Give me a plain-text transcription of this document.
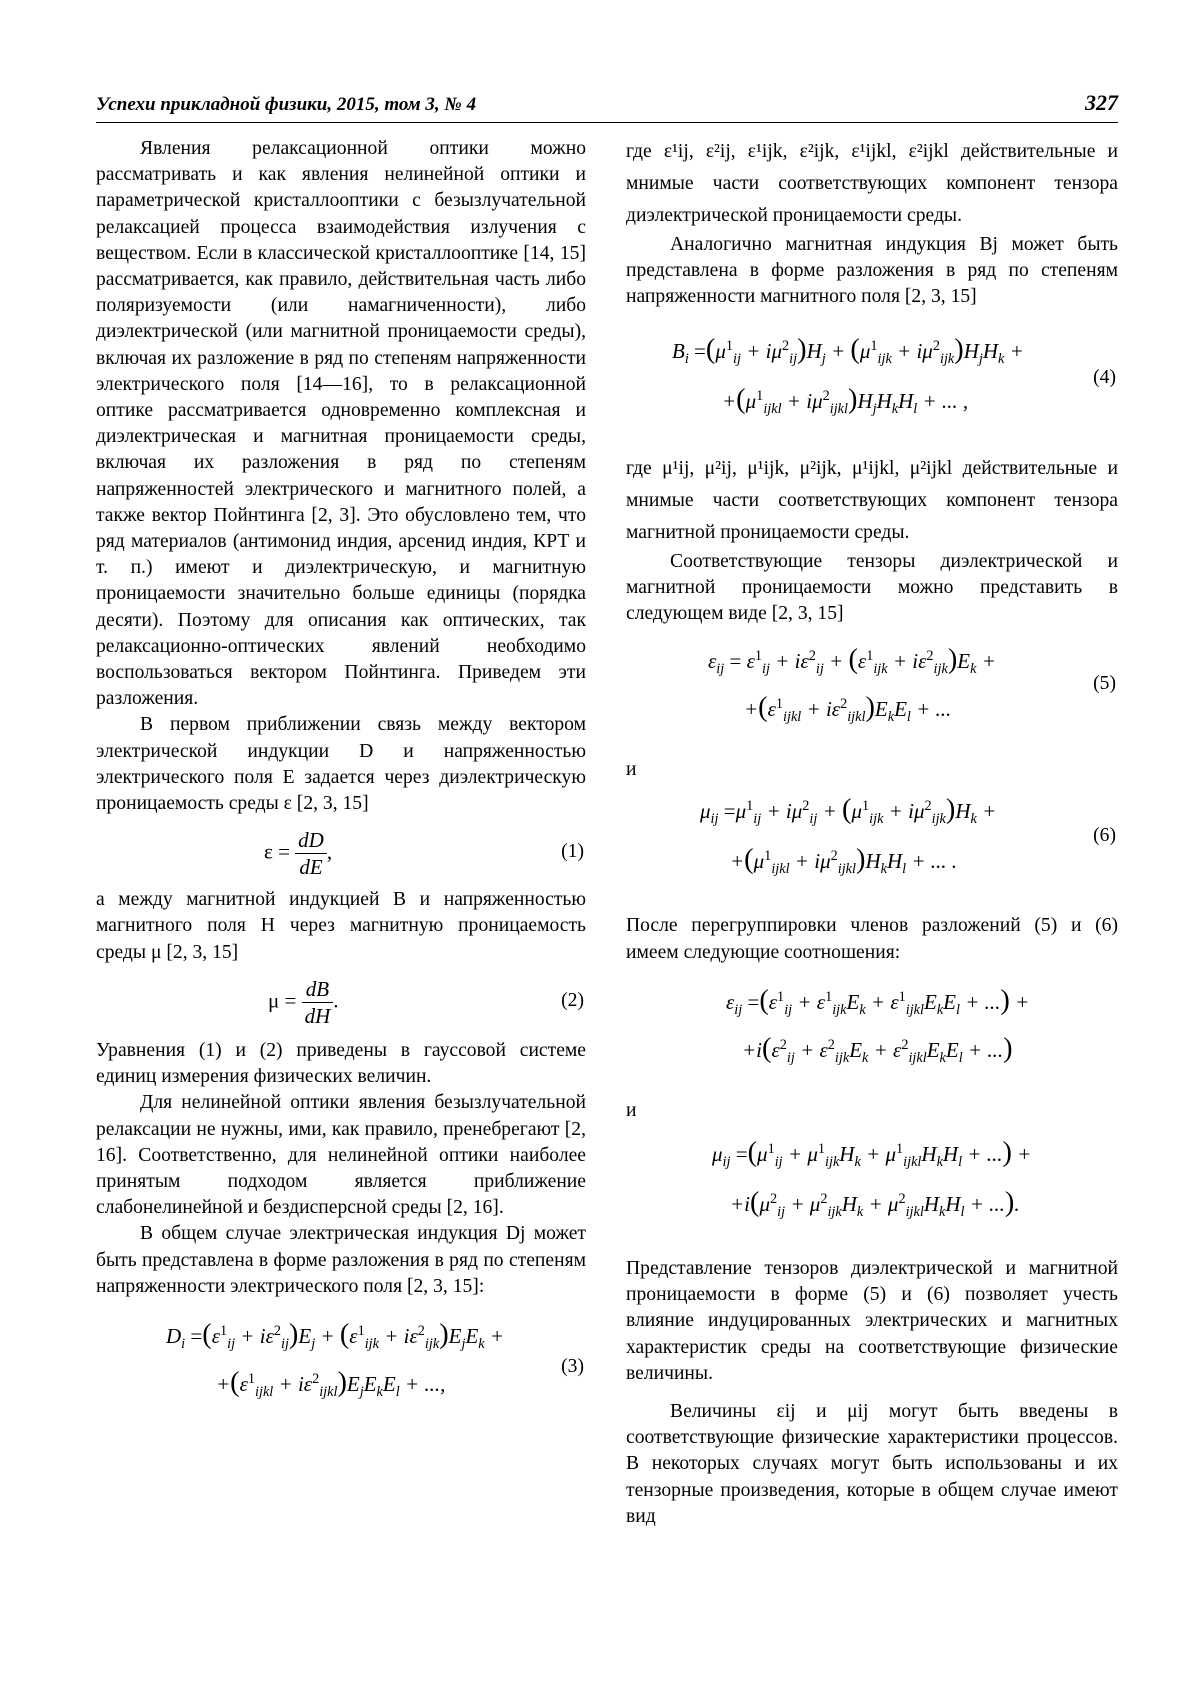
Успехи прикладной физики, 2015, том 3, № 4	327

Явления релаксационной оптики можно рассматривать и как явления нелинейной оптики и параметрической кристаллооптики с безызлучательной релаксацией процесса взаимодействия излучения с веществом. Если в классической кристаллооптике [14, 15] рассматривается, как правило, действительная часть либо поляризуемости (или намагниченности), либо диэлектрической (или магнитной проницаемости среды), включая их разложение в ряд по степеням напряженности электрического поля [14—16], то в релаксационной оптике рассматривается одновременно комплексная и диэлектрическая и магнитная проницаемости среды, включая их разложения в ряд по степеням напряженностей электрического и магнитного полей, а также вектор Пойнтинга [2, 3]. Это обусловлено тем, что ряд материалов (антимонид индия, арсенид индия, КРТ и т. п.) имеют и диэлектрическую, и магнитную проницаемости значительно больше единицы (порядка десяти). Поэтому для описания как оптических, так релаксационно-оптических явлений необходимо воспользоваться вектором Пойнтинга. Приведем эти разложения.

В первом приближении связь между вектором электрической индукции D и напряженностью электрического поля E задается через диэлектрическую проницаемость среды ε [2, 3, 15]

$\varepsilon = \frac{dD}{dE}$ ,	(1)

а между магнитной индукцией B и напряженностью магнитного поля H через магнитную проницаемость среды μ [2, 3, 15]

$\mu = \frac{dB}{dH}$ .	(2)

Уравнения (1) и (2) приведены в гауссовой системе единиц измерения физических величин.

Для нелинейной оптики явления безызлучательной релаксации не нужны, ими, как правило, пренебрегают [2, 16]. Соответственно, для нелинейной оптики наиболее принятым подходом является приближение слабонелинейной и бездисперсной среды [2, 16].

В общем случае электрическая индукция Dj может быть представлена в форме разложения в ряд по степеням напряженности электрического поля [2, 3, 15]:

$D_i =(\varepsilon^1_{ij} + i\varepsilon^2_{ij})E_j + (\varepsilon^1_{ijk} + i\varepsilon^2_{ijk})E_jE_k$ +
$+(\varepsilon^1_{ijkl} + i\varepsilon^2_{ijkl})E_jE_kE_l$ + ...,
(3)

где ε¹ij, ε²ij, ε¹ijk, ε²ijk, ε¹ijkl, ε²ijkl действительные и мнимые части соответствующих компонент тензора диэлектрической проницаемости среды.

Аналогично магнитная индукция Bj может быть представлена в форме разложения в ряд по степеням напряженности магнитного поля [2, 3, 15]

$B_i =(\mu^1_{ij} + i\mu^2_{ij})H_j + (\mu^1_{ijk} + i\mu^2_{ijk})H_jH_k$ +
$+(\mu^1_{ijkl} + i\mu^2_{ijkl})H_jH_kH_l$ + ... ,
(4)

где μ¹ij, μ²ij, μ¹ijk, μ²ijk, μ¹ijkl, μ²ijkl действительные и мнимые части соответствующих компонент тензора магнитной проницаемости среды.

Соответствующие тензоры диэлектрической и магнитной проницаемости можно представить в следующем виде [2, 3, 15]

$\varepsilon_{ij} = \varepsilon^1_{ij} + i\varepsilon^2_{ij} + (\varepsilon^1_{ijk} + i\varepsilon^2_{ijk})E_k$ +
$+(\varepsilon^1_{ijkl} + i\varepsilon^2_{ijkl})E_kE_l$ + ...
(5)

и

$\mu_{ij} =\mu^1_{ij} + i\mu^2_{ij} + (\mu^1_{ijk} + i\mu^2_{ijk})H_k$ +
$+(\mu^1_{ijkl} + i\mu^2_{ijkl})H_kH_l$ + ... .
(6)

После перегруппировки членов разложений (5) и (6) имеем следующие соотношения:

$\varepsilon_{ij} =(\varepsilon^1_{ij} + \varepsilon^1_{ijk}E_k + \varepsilon^1_{ijkl}E_kE_l$ + ...) +
$+i(\varepsilon^2_{ij} + \varepsilon^2_{ijk}E_k + \varepsilon^2_{ijkl}E_kE_l$ + ...)

и

$\mu_{ij} =(\mu^1_{ij} + \mu^1_{ijk}H_k + \mu^1_{ijkl}H_kH_l$ + ...) +
$+i(\mu^2_{ij} + \mu^2_{ijk}H_k + \mu^2_{ijkl}H_kH_l$ + ...).

Представление тензоров диэлектрической и магнитной проницаемости в форме (5) и (6) позволяет учесть влияние индуцированных электрических и магнитных характеристик среды на соответствующие физические величины.

Величины εij и μij могут быть введены в соответствующие физические характеристики процессов. В некоторых случаях могут быть использованы и их тензорные произведения, которые в общем случае имеют вид
